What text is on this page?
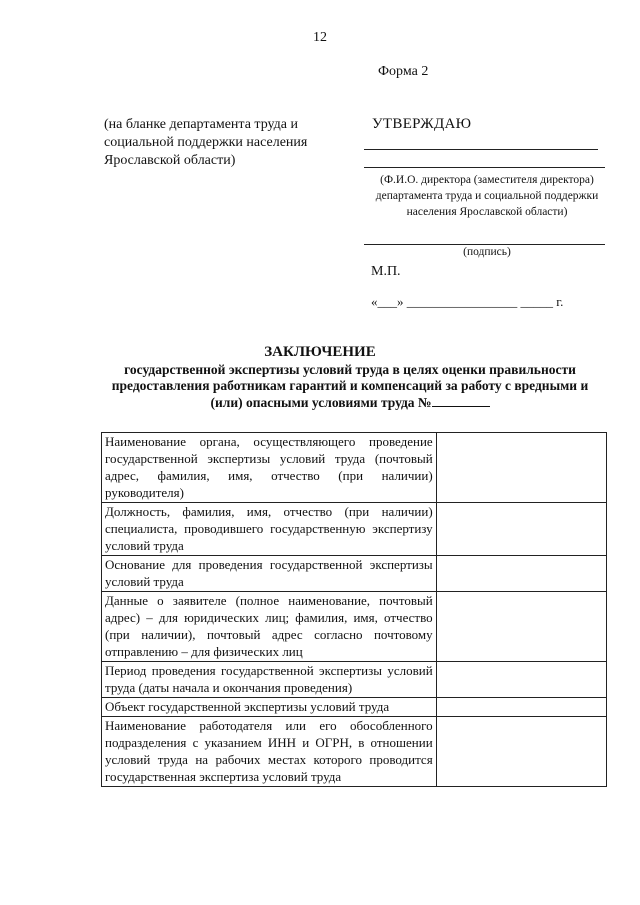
12
Форма 2
(на бланке департамента труда и социальной поддержки населения Ярославской области)
УТВЕРЖДАЮ
(Ф.И.О. директора (заместителя директора) департамента труда и социальной поддержки населения Ярославской области)
(подпись)
М.П.
«___» _________________ _____ г.
ЗАКЛЮЧЕНИЕ
государственной экспертизы условий труда в целях оценки правильности предоставления работникам гарантий и компенсаций за работу с вредными и (или) опасными условиями труда №
Наименование органа, осуществляющего проведение государственной экспертизы условий труда (почтовый адрес, фамилия, имя, отчество (при наличии) руководителя)	
Должность, фамилия, имя, отчество (при наличии) специалиста, проводившего государственную экспертизу условий труда	
Основание для проведения государственной экспертизы условий труда	
Данные о заявителе (полное наименование, почтовый адрес) – для юридических лиц; фамилия, имя, отчество (при наличии), почтовый адрес согласно почтовому отправлению – для физических лиц	
Период проведения государственной экспертизы условий труда (даты начала и окончания проведения)	
Объект государственной экспертизы условий труда	
Наименование работодателя или его обособленного подразделения с указанием ИНН и ОГРН, в отношении условий труда на рабочих местах которого проводится государственная экспертиза условий труда	
